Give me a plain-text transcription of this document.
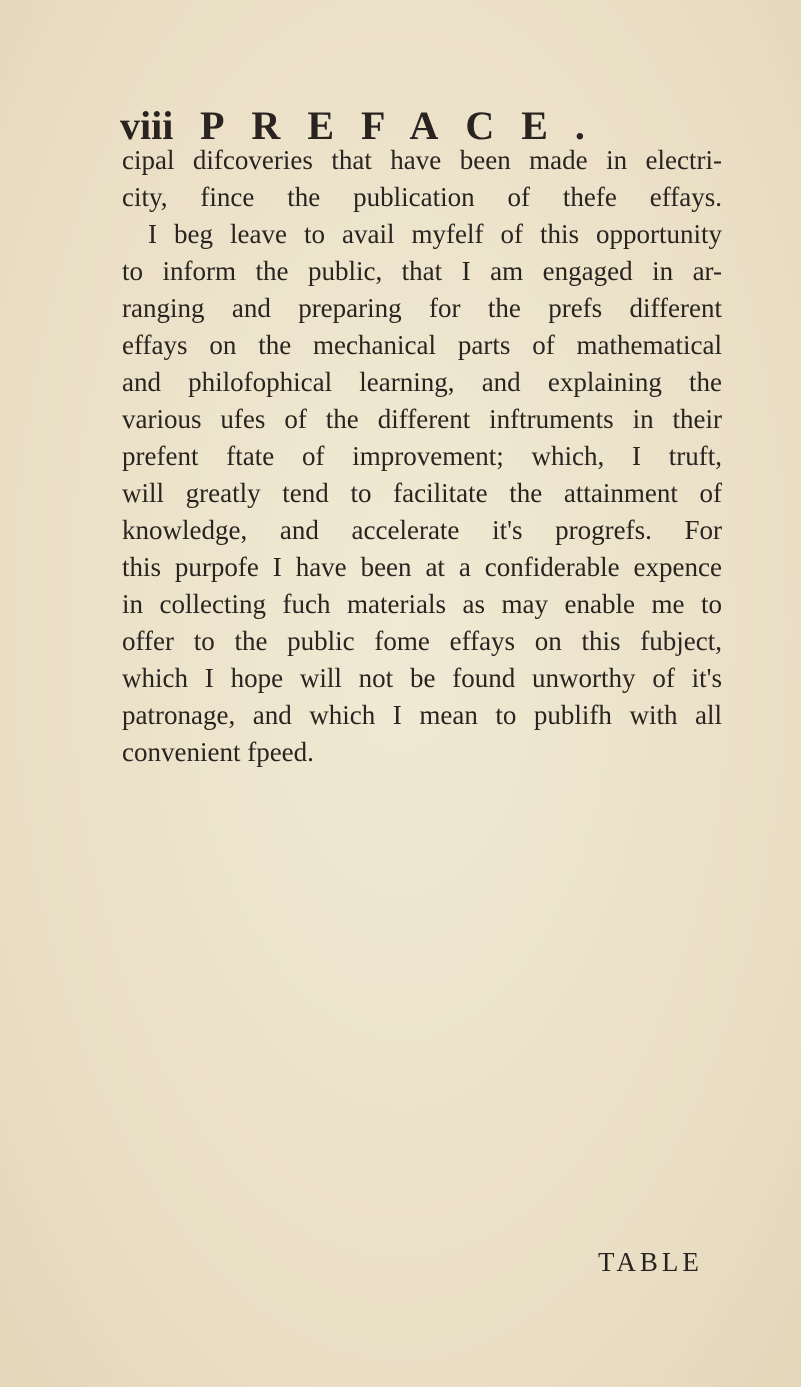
viii PREFACE.
cipal difcoveries that have been made in electri-
city, fince the publication of thefe effays.
I beg leave to avail myfelf of this opportunity
to inform the public, that I am engaged in ar-
ranging and preparing for the prefs different
effays on the mechanical parts of mathematical
and philofophical learning, and explaining the
various ufes of the different inftruments in their
prefent ftate of improvement; which, I truft,
will greatly tend to facilitate the attainment of
knowledge, and accelerate it's progrefs. For
this purpofe I have been at a confiderable expence
in collecting fuch materials as may enable me to
offer to the public fome effays on this fubject,
which I hope will not be found unworthy of it's
patronage, and which I mean to publifh with all
convenient fpeed.
TABLE
